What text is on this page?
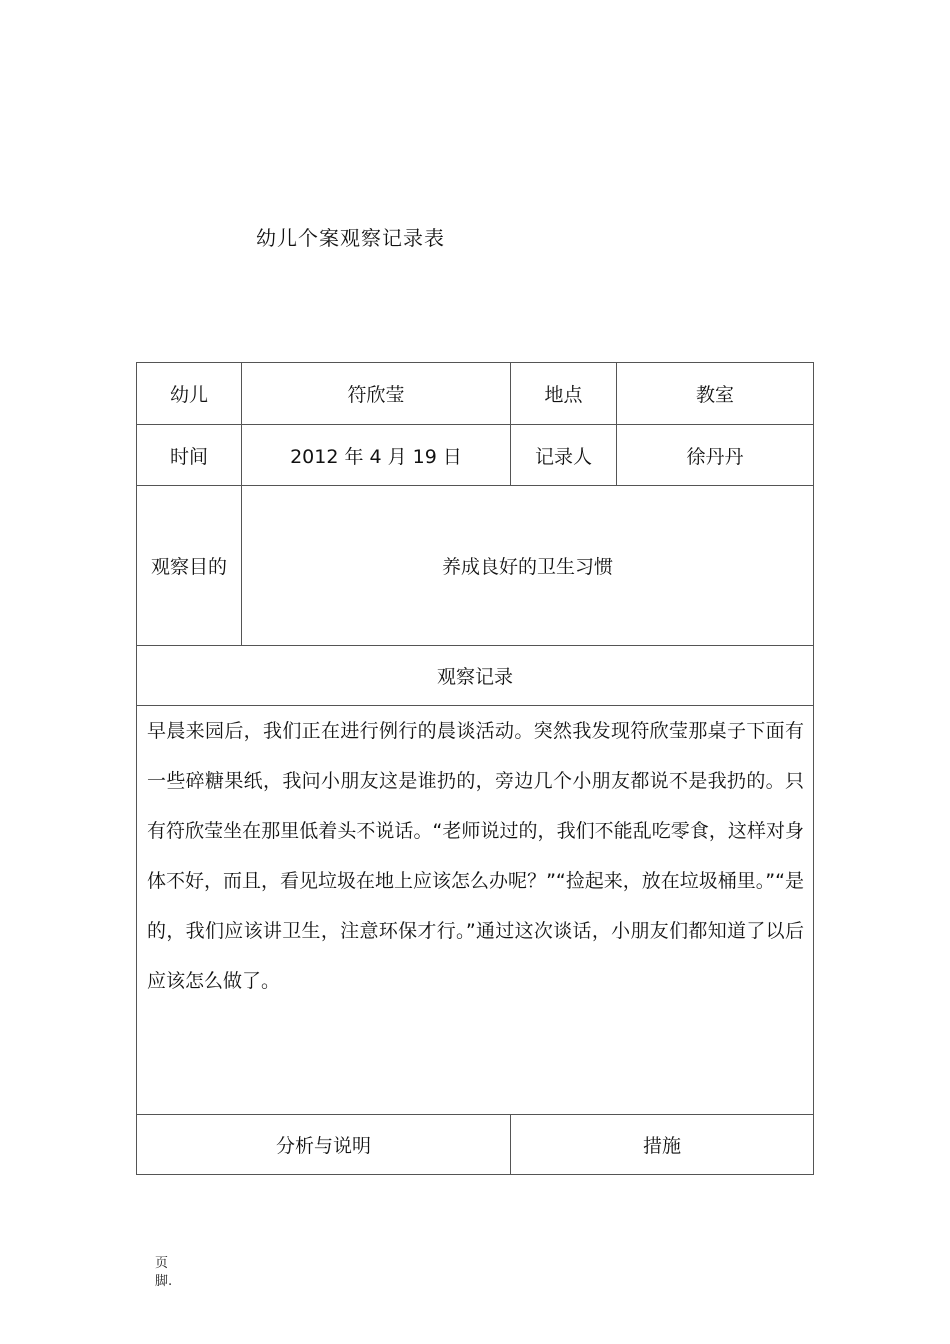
幼儿个案观察记录表
幼儿	符欣莹	地点	教室
时间	2012 年 4 月 19 日	记录人	徐丹丹
观察目的	养成良好的卫生习惯
观察记录
早晨来园后，我们正在进行例行的晨谈活动。突然我发现符欣莹那桌子下面有一些碎糖果纸，我问小朋友这是谁扔的，旁边几个小朋友都说不是我扔的。只有符欣莹坐在那里低着头不说话。“老师说过的，我们不能乱吃零食，这样对身体不好，而且，看见垃圾在地上应该怎么办呢？”“捡起来，放在垃圾桶里。”“是的，我们应该讲卫生，注意环保才行。”通过这次谈话，小朋友们都知道了以后应该怎么做了。
分析与说明	措施
页
脚.
